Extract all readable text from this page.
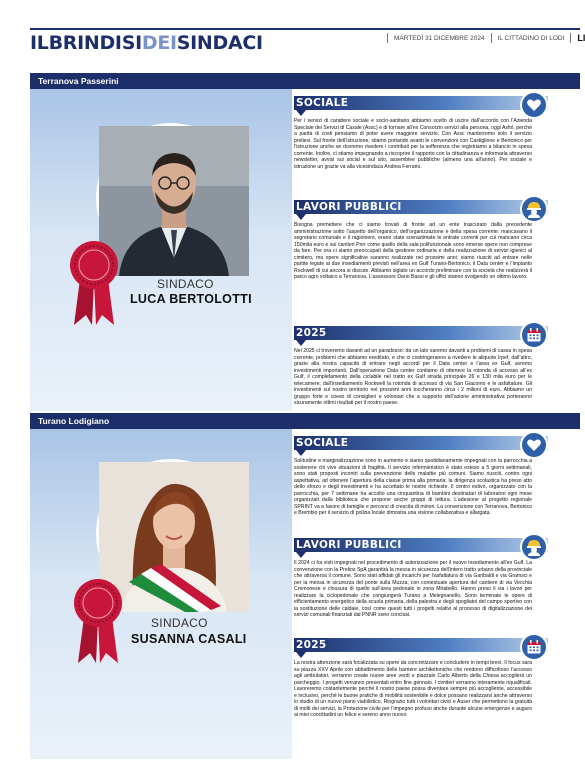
ILBRINDISIDEISINDACI	MARTEDÌ 31 DICEMBRE 2024 IL CITTADINO DI LODI LI
Terranova Passerini
SINDACO
LUCA BERTOLOTTI
SOCIALE

Per i servizi di carattere sociale e socio-sanitario abbiamo scelto di uscire dall’accordo con l’Azienda Speciale dei Servizi di Casale (Assc) e di tornare all’ex Consorzio servizi alla persona, oggi Asfol, perché a parità di costi pensiamo di poter avere maggiore servizio. Con Assc manterremo solo il servizio prelievi. Sul fronte dell’istruzione, stiamo portando avanti le convenzioni con Castiglione e Bertonico per l’istruzione anche se dovremo rivedere i contributi per la sofferenza che registriamo a bilancio in spesa corrente. Inoltre, ci stiamo impegnando a riscoprire il rapporto con la cittadinanza e informarla attraverso newsletter, avvisi sui social e sul sito, assemblee pubbliche (almeno una all’anno). Per sociale e istruzione un grazie va alla vicesindaca Andrea Ferrario.

LAVORI PUBBLICI

Bisogna premettere che ci siamo trovati di fronte ad un ente trascurato dalla precedente amministrazione sotto l’aspetto dell’organico, dell’organizzazione e della spesa corrente: mancavano il segretario comunale e il ragioniere, erano state sovrastimate le entrate correnti per cui mancano circa 150mila euro e sui cantieri Pnrr come quello della sala polifunzionale sono emerse opere non comprese da fare. Per ora ci siamo preoccupati della gestione ordinaria e della realizzazione di servizi igienici al cimitero, ma opere significative saranno realizzate nei prossimi anni: siamo riusciti ad entrare nelle partite legate ai due insediamenti previsti nell’area ex Gulf Turano-Bertonico, il Data center e l’impianto Rockwell di cui ancora si discute. Abbiamo siglato un accordo preliminare con la società che realizzerà il parco agro voltaico a Terranova. L’assessore Dario Bassi e gli uffici stanno svolgendo un ottimo lavoro.

2025

Nel 2025 ci troveremo davanti ad un paradosso: da un lato saremo davanti a problemi di cassa in spesa corrente, problemi che abbiamo ereditato, e che ci costringeranno a rivedere le aliquote Irpef, dall’altro, grazie alla nostra capacità di entrare negli accordi per il Data center e l’area ex Gulf, avremo investimenti importanti. Dall’operazione Data center contiamo di ottenere la rotonda di accesso all’ex Gulf, il completamento della ciclabile nel tratto ex Gulf strada principale 26 e 130 mila euro per le telecamere; dall’insediamento Rockwell la rotonda di accesso di via San Giacomo e le asfaltature. Gli investimenti sul nostro territorio nei prossimi anni toccheranno circa i 2 milioni di euro. Abbiamo un gruppo forte e coeso di consiglieri e volontari che a supporto dell’azione amministrativa porteranno sicuramente ottimi risultati per il nostro paese.

Turano Lodigiano
SINDACO
SUSANNA CASALI
SOCIALE

Solitudine e marginalizzazione sono in aumento e siamo quotidianamente impegnati con la parrocchia a sostenere chi vive situazioni di fragilità. Il servizio infermieristico è stato esteso a 5 giorni settimanali, sono stati proposti incontri sulla prevenzione delle malattie più comuni. Siamo riusciti, contro ogni aspettativa, ad ottenere l’apertura della classe prima alla primaria: la dirigenza scolastica ha preso atto dello sforzo e degli investimenti e ha accettato le nostre richieste. Il centro estivo, organizzato con la parrocchia, per 7 settimane ha accolto una cinquantina di bambini destinatari di laboratori ogni mese organizzati dalla biblioteca che propone anche gruppi di lettura. L’adesione al progetto regionale SPRINT va a favore di famiglie e percorsi di crescita di minori. La convenzione con Terranova, Bertonico e Brembio per il servizio di polizia locale dimostra una visione collaborativa e allargata.

LAVORI PUBBLICI

Il 2024 ci ha visti impegnati nel procedimento di autorizzazione per il nuovo insediamento all’ex Gulf. La convenzione con la Prelios SpA garantirà la messa in sicurezza dell’intero tratto urbano della provinciale che attraversa il comune. Sono stati affidati gli incarichi per l’asfaltatura di via Garibaldi e via Gramsci e per la messa in sicurezza del ponte sulla Muzza, con contestuale apertura del cantiere di via Vecchia Cremonese e chiusura di quello sull’area pedonale in zona Mirabello. Hanno preso il via i lavori per realizzare la ciclopedonale che congiungerà Turano a Melegnanello. Sono terminate le opere di efficientamento energetico della scuola primaria, della palestra e degli spogliatoi del campo sportivo con la sostituzione delle caldaie, così come questi tutti i progetti relativi al processo di digitalizzazione dei servizi comunali finanziati dal PNNR sono conclusi.

2025

La nostra attenzione sarà focalizzata su opere da concretizzare e concludere in tempi brevi. Il focus sarà su piazza XXV Aprile con abbattimento delle barriere architettoniche che rendono difficoltoso l’accesso agli ambulatori, verranno create nuove aree verdi e piazzale Carlo Alberto della Chiesa accoglierà un parcheggio. I progetti verranno presentati entro fine gennaio. I cimiteri verranno interamente riqualificati. Lavoreremo costantemente perché il nostro paese possa diventare sempre più accogliente, accessibile e inclusivo, perché le buone pratiche di mobilità sostenibile e dolce possano realizzarsi anche attraverso lo studio di un nuovo piano viabilistico. Ringrazio tutti i volontari civici e Auser che permettono la gratuità di molti dei servizi, la Protezione civile per l’impegno profuso anche durante alcune emergenze e auguro ai miei concittadini un felice e sereno anno nuovo.
